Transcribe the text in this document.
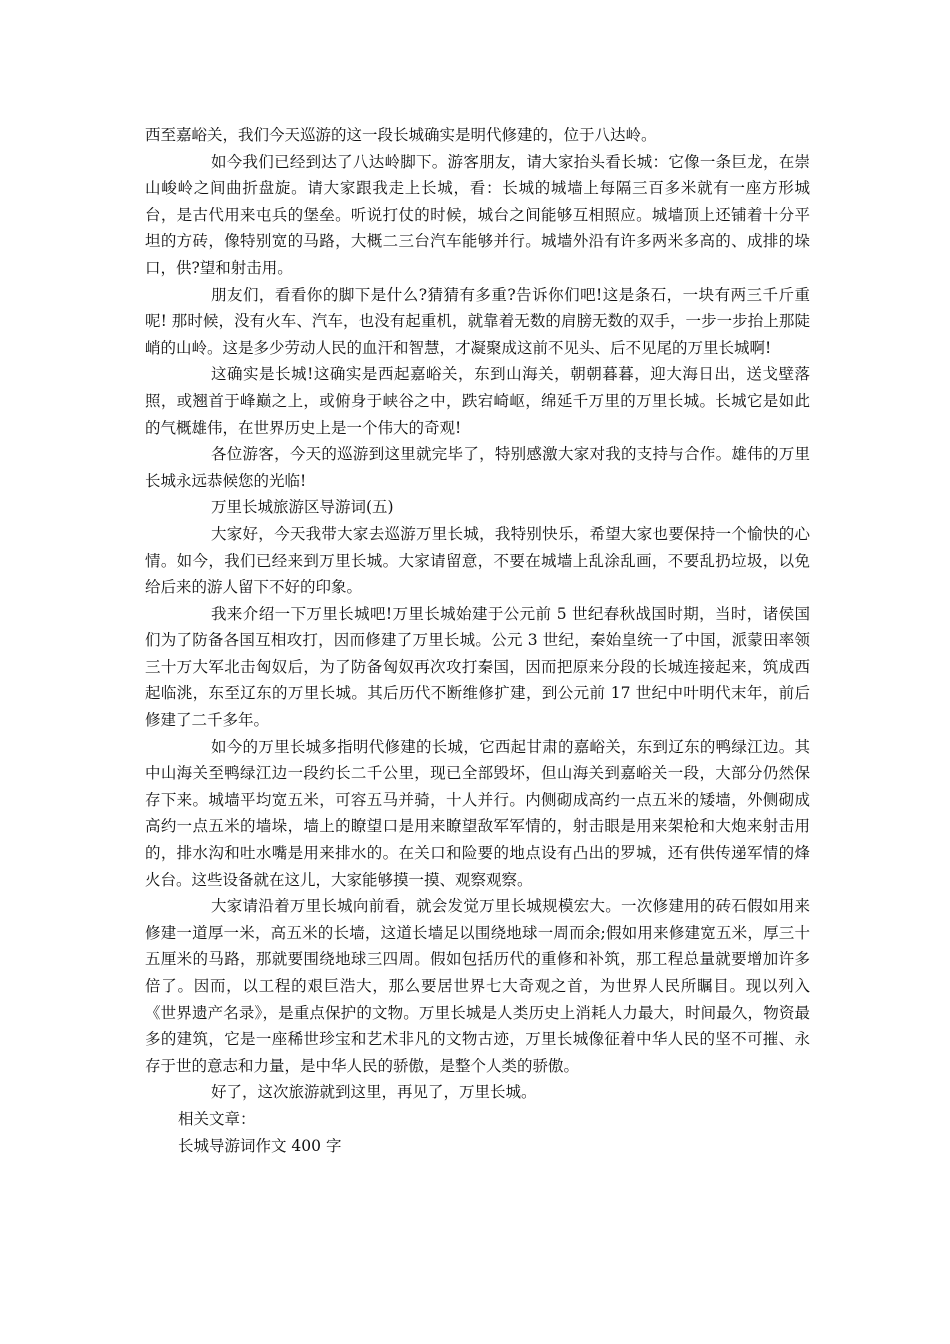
西至嘉峪关，我们今天巡游的这一段长城确实是明代修建的，位于八达岭。

如今我们已经到达了八达岭脚下。游客朋友，请大家抬头看长城：它像一条巨龙，在崇山峻岭之间曲折盘旋。请大家跟我走上长城，看：长城的城墙上每隔三百多米就有一座方形城台，是古代用来屯兵的堡垒。听说打仗的时候，城台之间能够互相照应。城墙顶上还铺着十分平坦的方砖，像特别宽的马路，大概二三台汽车能够并行。城墙外沿有许多两米多高的、成排的垛口，供?望和射击用。

朋友们，看看你的脚下是什么?猜猜有多重?告诉你们吧!这是条石，一块有两三千斤重呢! 那时候，没有火车、汽车，也没有起重机，就靠着无数的肩膀无数的双手，一步一步抬上那陡峭的山岭。这是多少劳动人民的血汗和智慧，才凝聚成这前不见头、后不见尾的万里长城啊!

这确实是长城!这确实是西起嘉峪关，东到山海关，朝朝暮暮，迎大海日出，送戈壁落照，或翘首于峰巅之上，或俯身于峡谷之中，跌宕崎岖，绵延千万里的万里长城。长城它是如此的气概雄伟，在世界历史上是一个伟大的奇观!

各位游客，今天的巡游到这里就完毕了，特别感激大家对我的支持与合作。雄伟的万里长城永远恭候您的光临!

万里长城旅游区导游词(五)

大家好，今天我带大家去巡游万里长城，我特别快乐，希望大家也要保持一个愉快的心情。如今，我们已经来到万里长城。大家请留意，不要在城墙上乱涂乱画，不要乱扔垃圾，以免给后来的游人留下不好的印象。

我来介绍一下万里长城吧!万里长城始建于公元前 5 世纪春秋战国时期，当时，诸侯国们为了防备各国互相攻打，因而修建了万里长城。公元 3 世纪，秦始皇统一了中国，派蒙田率领三十万大军北击匈奴后，为了防备匈奴再次攻打秦国，因而把原来分段的长城连接起来，筑成西起临洮，东至辽东的万里长城。其后历代不断维修扩建，到公元前 17 世纪中叶明代末年，前后修建了二千多年。

如今的万里长城多指明代修建的长城，它西起甘肃的嘉峪关，东到辽东的鸭绿江边。其中山海关至鸭绿江边一段约长二千公里，现已全部毁坏，但山海关到嘉峪关一段，大部分仍然保存下来。城墙平均宽五米，可容五马并骑，十人并行。内侧砌成高约一点五米的矮墙，外侧砌成高约一点五米的墙垛，墙上的瞭望口是用来瞭望敌军军情的，射击眼是用来架枪和大炮来射击用的，排水沟和吐水嘴是用来排水的。在关口和险要的地点设有凸出的罗城，还有供传递军情的烽火台。这些设备就在这儿，大家能够摸一摸、观察观察。

大家请沿着万里长城向前看，就会发觉万里长城规模宏大。一次修建用的砖石假如用来修建一道厚一米，高五米的长墙，这道长墙足以围绕地球一周而余;假如用来修建宽五米，厚三十五厘米的马路，那就要围绕地球三四周。假如包括历代的重修和补筑，那工程总量就要增加许多倍了。因而，以工程的艰巨浩大，那么要居世界七大奇观之首，为世界人民所瞩目。现以列入《世界遗产名录》，是重点保护的文物。万里长城是人类历史上消耗人力最大，时间最久，物资最多的建筑，它是一座稀世珍宝和艺术非凡的文物古迹，万里长城像征着中华人民的坚不可摧、永存于世的意志和力量，是中华人民的骄傲，是整个人类的骄傲。

好了，这次旅游就到这里，再见了，万里长城。

相关文章：

长城导游词作文 400 字
